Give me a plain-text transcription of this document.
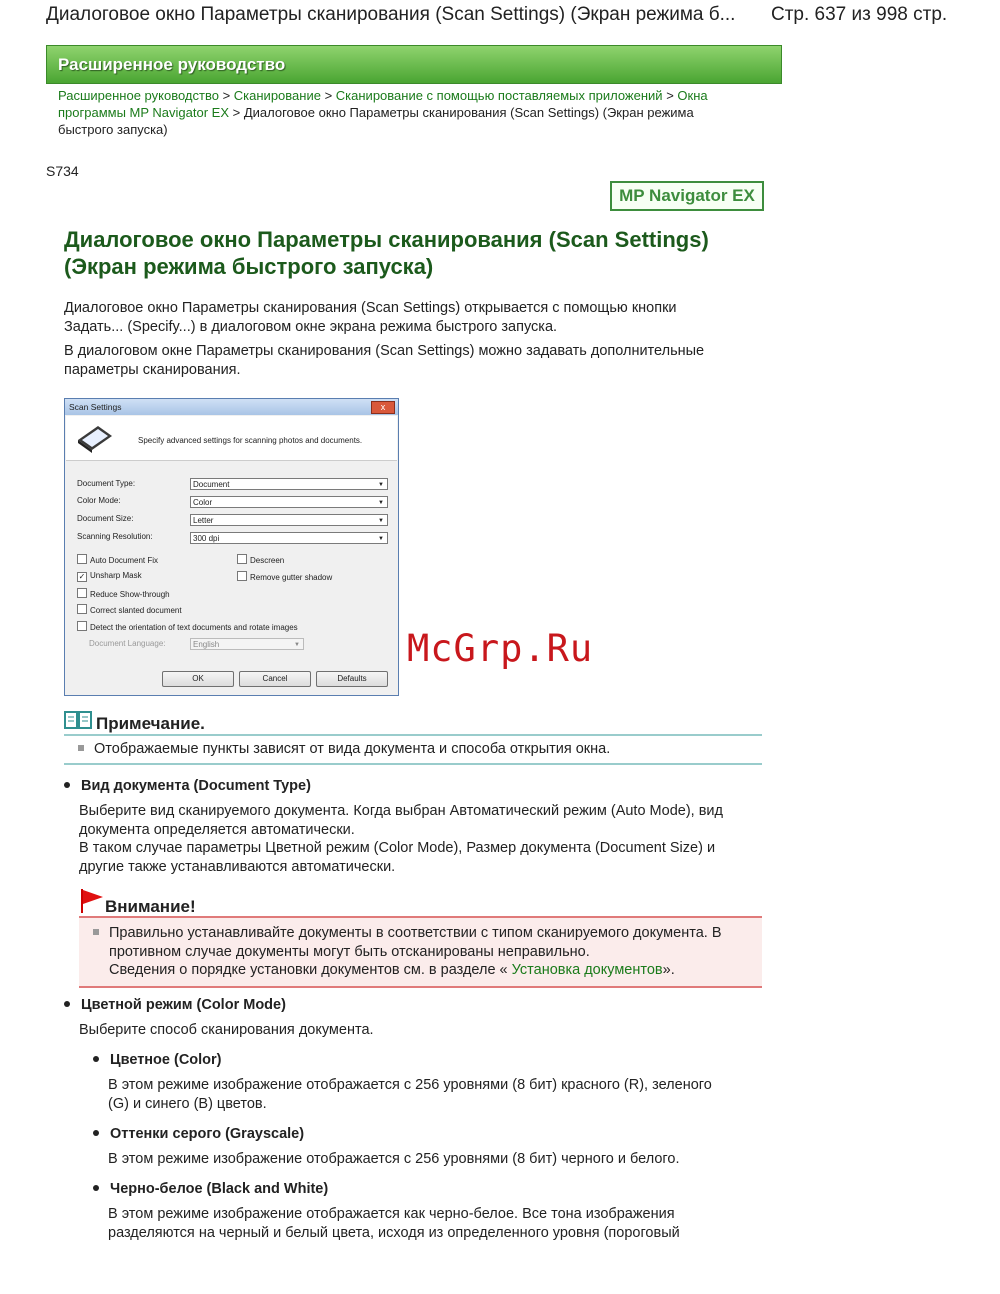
Диалоговое окно Параметры сканирования (Scan Settings) (Экран режима б... Стр. 637 из 998 стр.
Расширенное руководство
Расширенное руководство > Сканирование > Сканирование с помощью поставляемых приложений > Окна программы MP Navigator EX > Диалоговое окно Параметры сканирования (Scan Settings) (Экран режима быстрого запуска)
S734
MP Navigator EX
Диалоговое окно Параметры сканирования (Scan Settings)
(Экран режима быстрого запуска)
Диалоговое окно Параметры сканирования (Scan Settings) открывается с помощью кнопки
Задать... (Specify...) в диалоговом окне экрана режима быстрого запуска.
В диалоговом окне Параметры сканирования (Scan Settings) можно задавать дополнительные
параметры сканирования.
Scan Settings	x
Specify advanced settings for scanning photos and documents.
Document Type:	Document	▼
Color Mode:	Color	▼
Document Size:	Letter	▼
Scanning Resolution:	300 dpi	▼
Auto Document Fix
✓ Unsharp Mask
Reduce Show-through
Correct slanted document
Detect the orientation of text documents and rotate images
Descreen
Remove gutter shadow
Document Language:	English	▼
OK	Cancel	Defaults
McGrp.Ru
Примечание.
Отображаемые пункты зависят от вида документа и способа открытия окна.
Вид документа (Document Type)
Выберите вид сканируемого документа. Когда выбран Автоматический режим (Auto Mode), вид
документа определяется автоматически.
В таком случае параметры Цветной режим (Color Mode), Размер документа (Document Size) и
другие также устанавливаются автоматически.
Внимание!
Правильно устанавливайте документы в соответствии с типом сканируемого документа. В
противном случае документы могут быть отсканированы неправильно.
Сведения о порядке установки документов см. в разделе « Установка документов».
Цветной режим (Color Mode)
Выберите способ сканирования документа.
Цветное (Color)
В этом режиме изображение отображается с 256 уровнями (8 бит) красного (R), зеленого
(G) и синего (B) цветов.
Оттенки серого (Grayscale)
В этом режиме изображение отображается с 256 уровнями (8 бит) черного и белого.
Черно-белое (Black and White)
В этом режиме изображение отображается как черно-белое. Все тона изображения
разделяются на черный и белый цвета, исходя из определенного уровня (пороговый
